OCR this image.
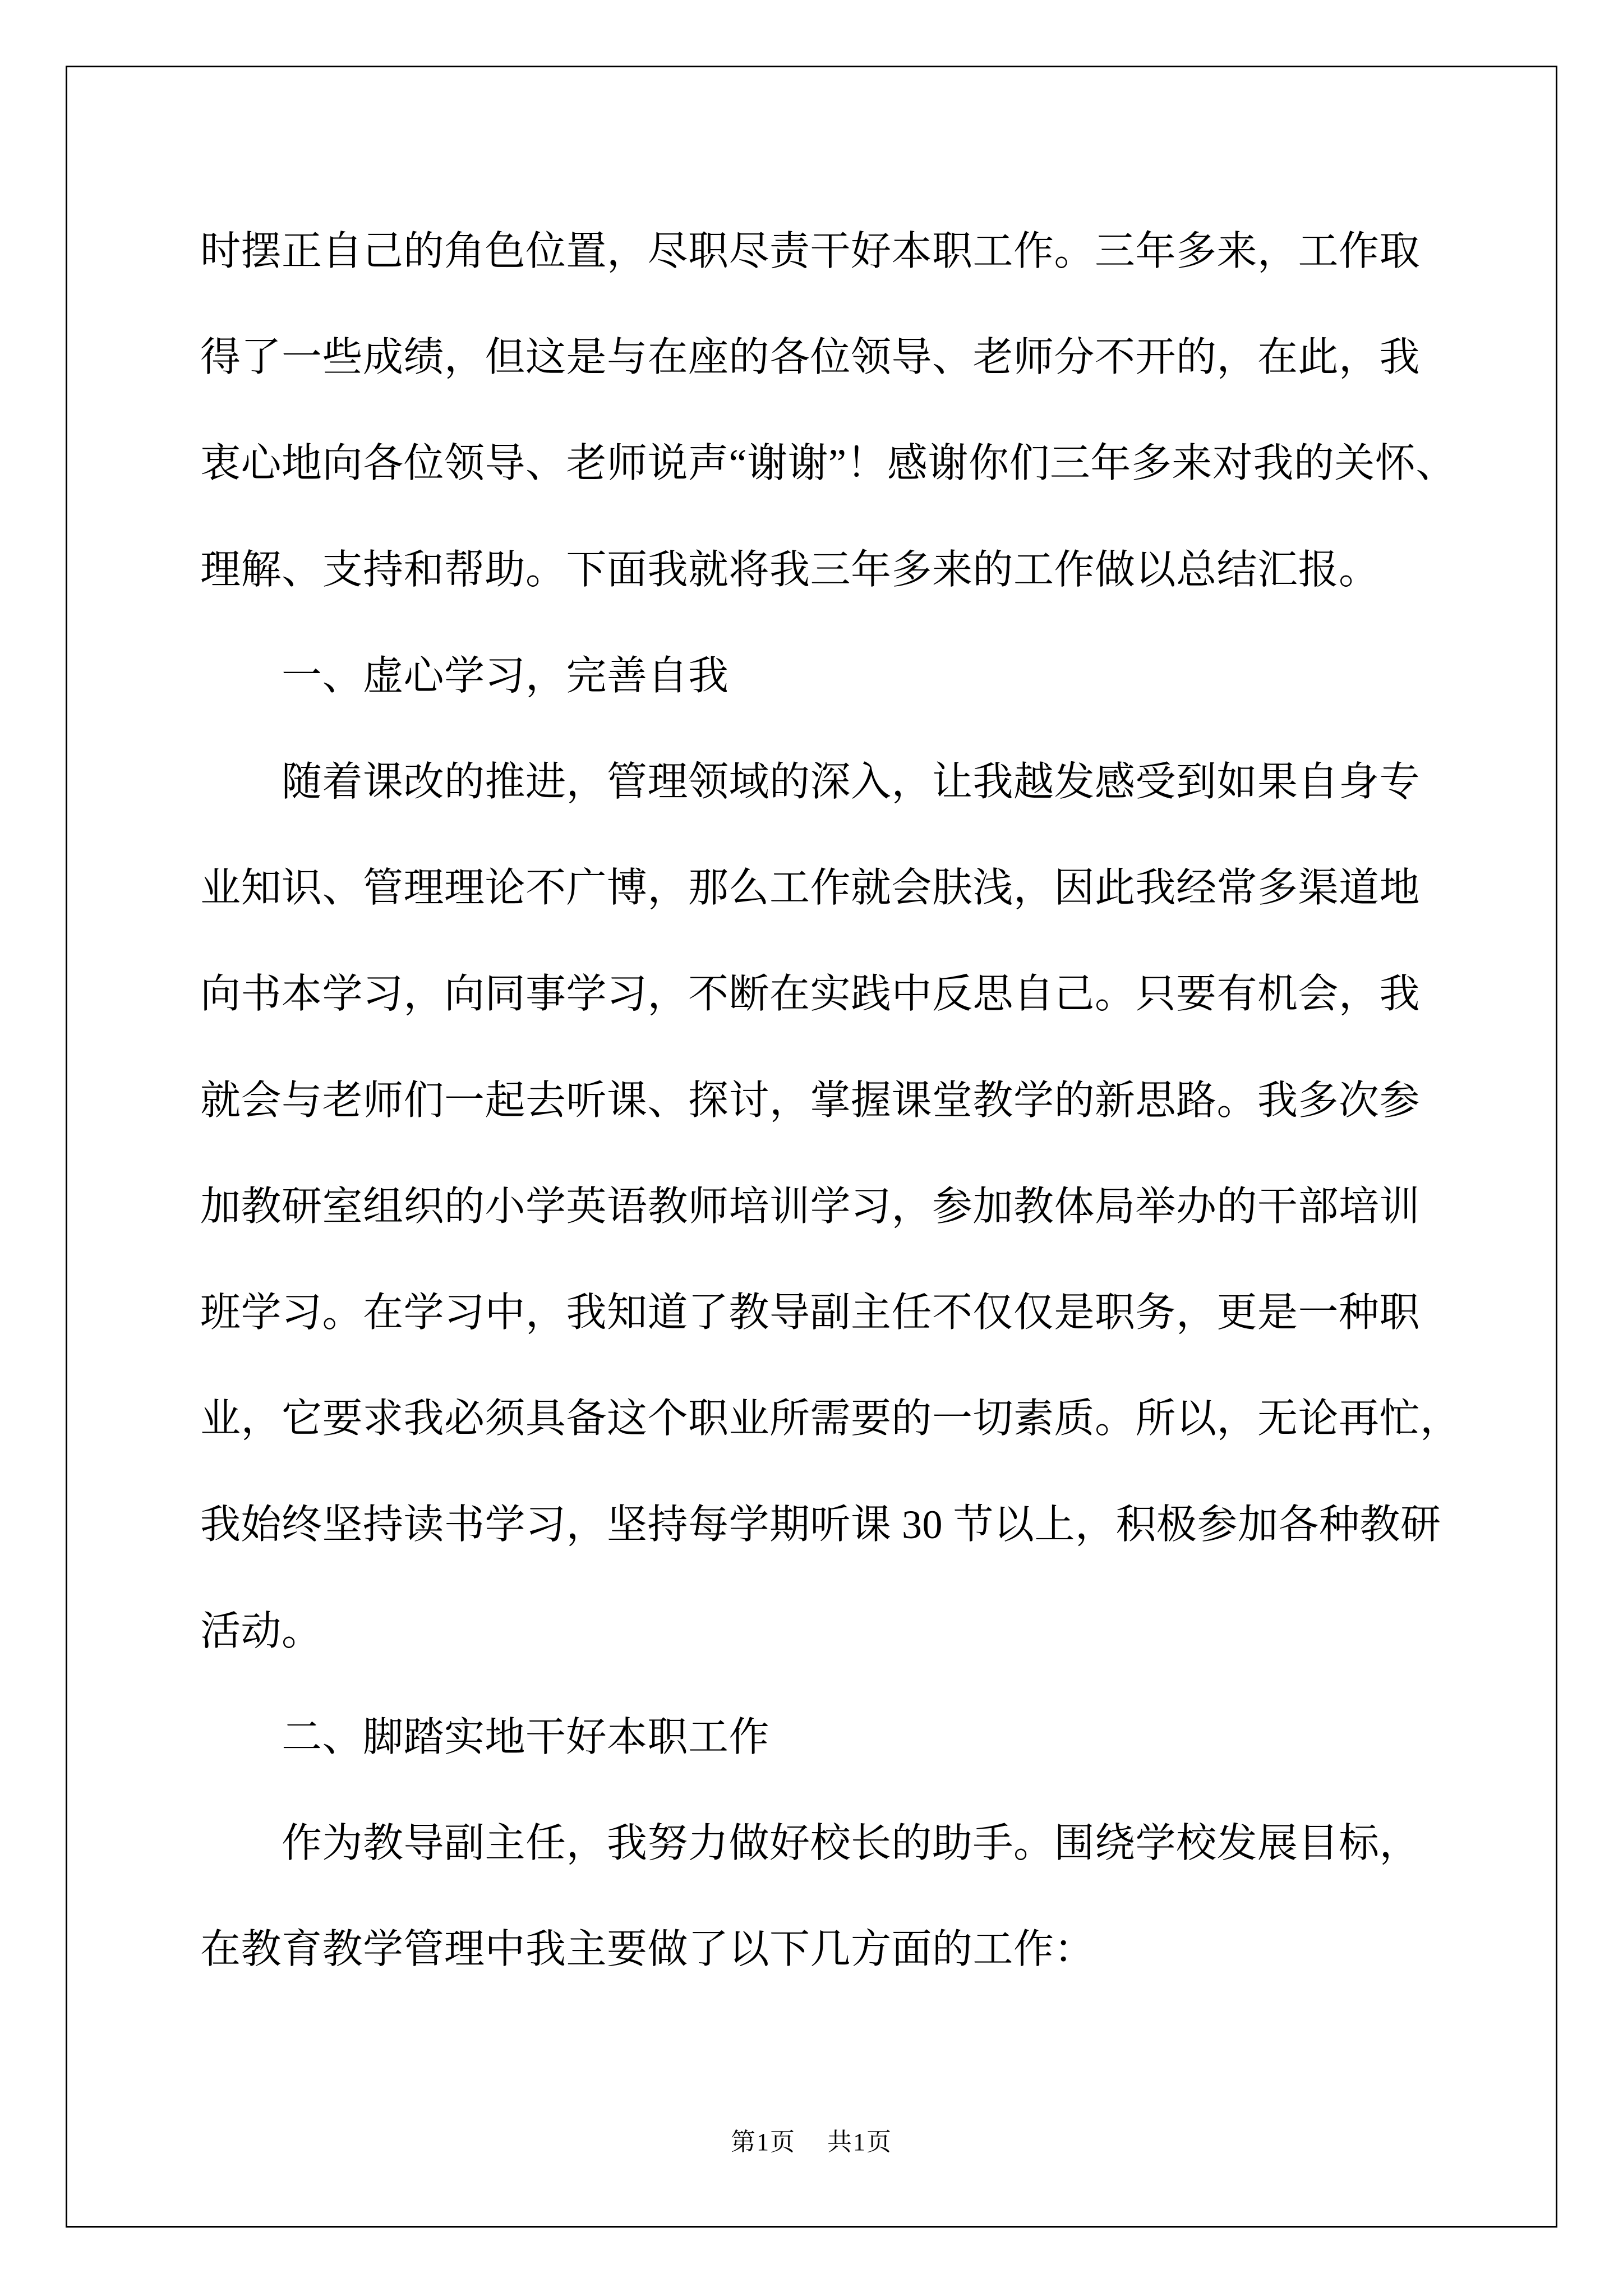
时摆正自己的角色位置，尽职尽责干好本职工作。三年多来，工作取
得了一些成绩，但这是与在座的各位领导、老师分不开的，在此，我
衷心地向各位领导、老师说声“谢谢”！感谢你们三年多来对我的关怀、
理解、支持和帮助。下面我就将我三年多来的工作做以总结汇报。
一、虚心学习，完善自我
随着课改的推进，管理领域的深入，让我越发感受到如果自身专
业知识、管理理论不广博，那么工作就会肤浅，因此我经常多渠道地
向书本学习，向同事学习，不断在实践中反思自己。只要有机会，我
就会与老师们一起去听课、探讨，掌握课堂教学的新思路。我多次参
加教研室组织的小学英语教师培训学习，参加教体局举办的干部培训
班学习。在学习中，我知道了教导副主任不仅仅是职务，更是一种职
业，它要求我必须具备这个职业所需要的一切素质。所以，无论再忙，
我始终坚持读书学习，坚持每学期听课 30 节以上，积极参加各种教研
活动。
二、脚踏实地干好本职工作
作为教导副主任，我努力做好校长的助手。围绕学校发展目标，
在教育教学管理中我主要做了以下几方面的工作：
第1页 共1页
